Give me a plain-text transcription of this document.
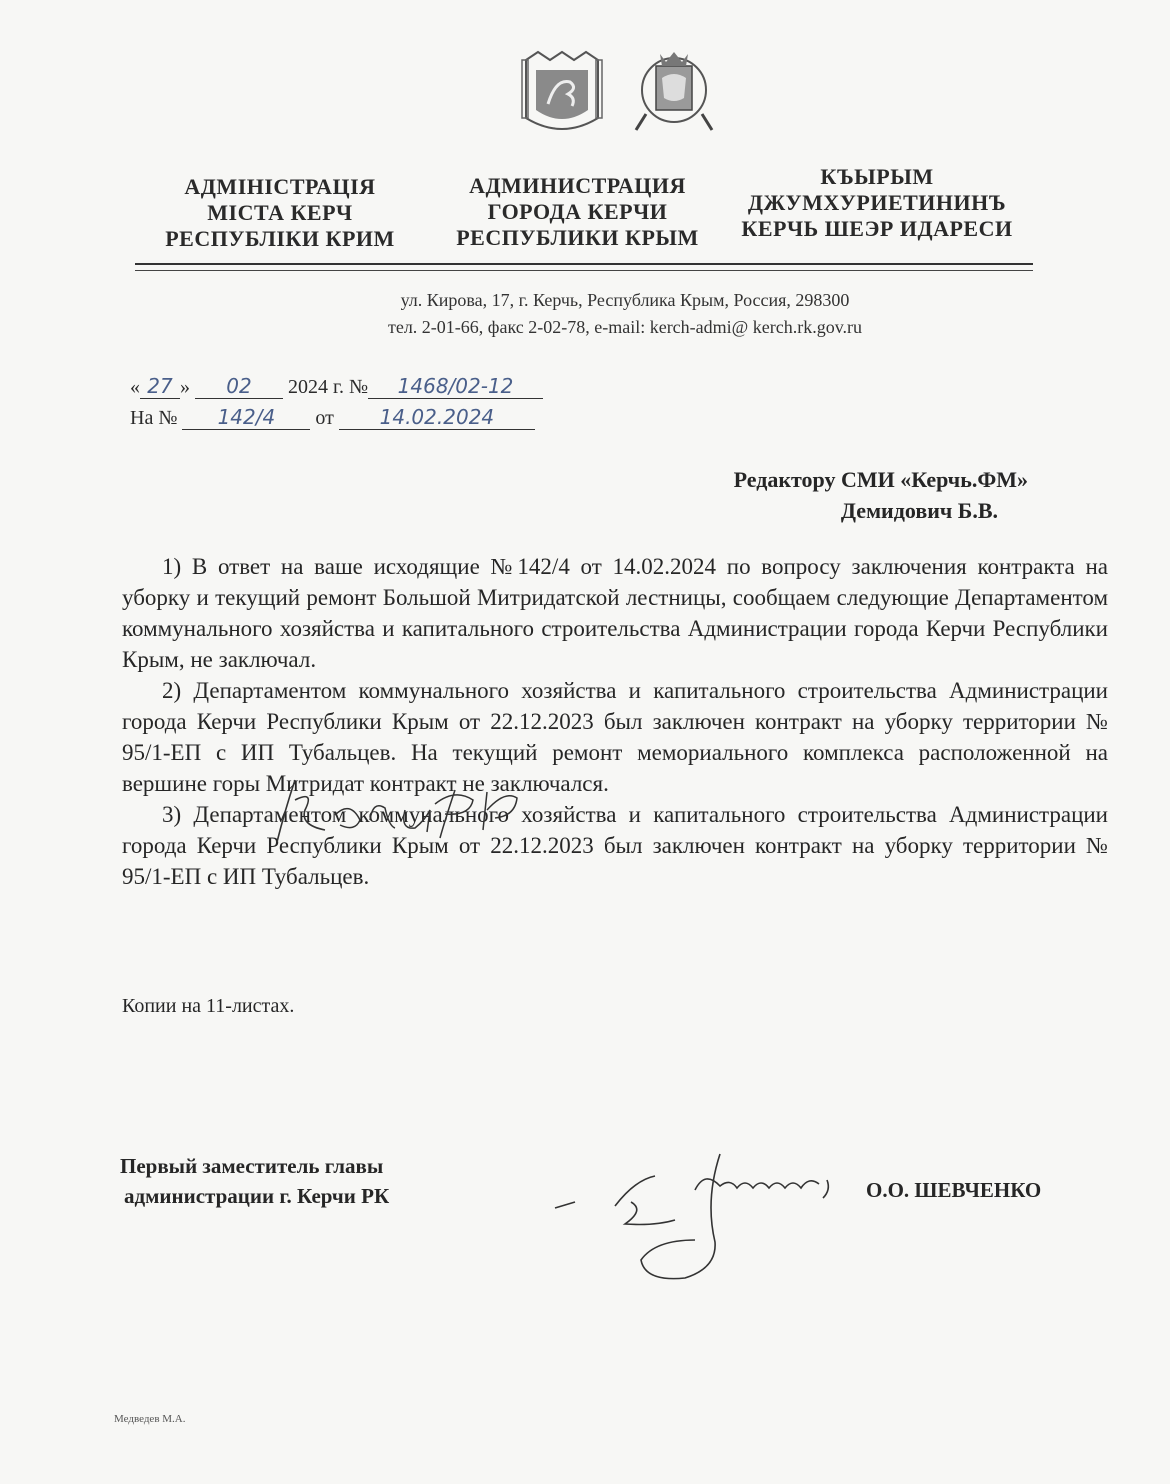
АДМІНІСТРАЦІЯ
МІСТА КЕРЧ
РЕСПУБЛІКИ КРИМ
АДМИНИСТРАЦИЯ
ГОРОДА КЕРЧИ
РЕСПУБЛИКИ КРЫМ
КЪЫРЫМ
ДЖУМХУРИЕТИНИНЪ
КЕРЧЬ ШЕЭР ИДАРЕСИ
ул. Кирова, 17, г. Керчь, Республика Крым, Россия, 298300
тел. 2-01-66, факс 2-02-78, e-mail: kerch-admi@ kerch.rk.gov.ru
« 27 » 02 2024 г. № 1468/02-12
На № 142/4 от 14.02.2024
Редактору СМИ «Керчь.ФМ»
Демидович Б.В.

1) В ответ на ваше исходящие №142/4 от 14.02.2024 по вопросу заключения контракта на уборку и текущий ремонт Большой Митридатской лестницы, сообщаем следующие Департаментом коммунального хозяйства и капитального строительства Администрации города Керчи Республики Крым, не заключал.

2) Департаментом коммунального хозяйства и капитального строительства Администрации города Керчи Республики Крым от 22.12.2023 был заключен контракт на уборку территории № 95/1-ЕП с ИП Тубальцев. На текущий ремонт мемориального комплекса расположенной на вершине горы Митридат контракт не заключался.

3) Департаментом коммунального хозяйства и капитального строительства Администрации города Керчи Республики Крым от 22.12.2023 был заключен контракт на уборку территории № 95/1-ЕП с ИП Тубальцев.

Копии на 11-листах.
Первый заместитель главы
администрации г. Керчи РК	О.О. ШЕВЧЕНКО
Медведев М.А.
